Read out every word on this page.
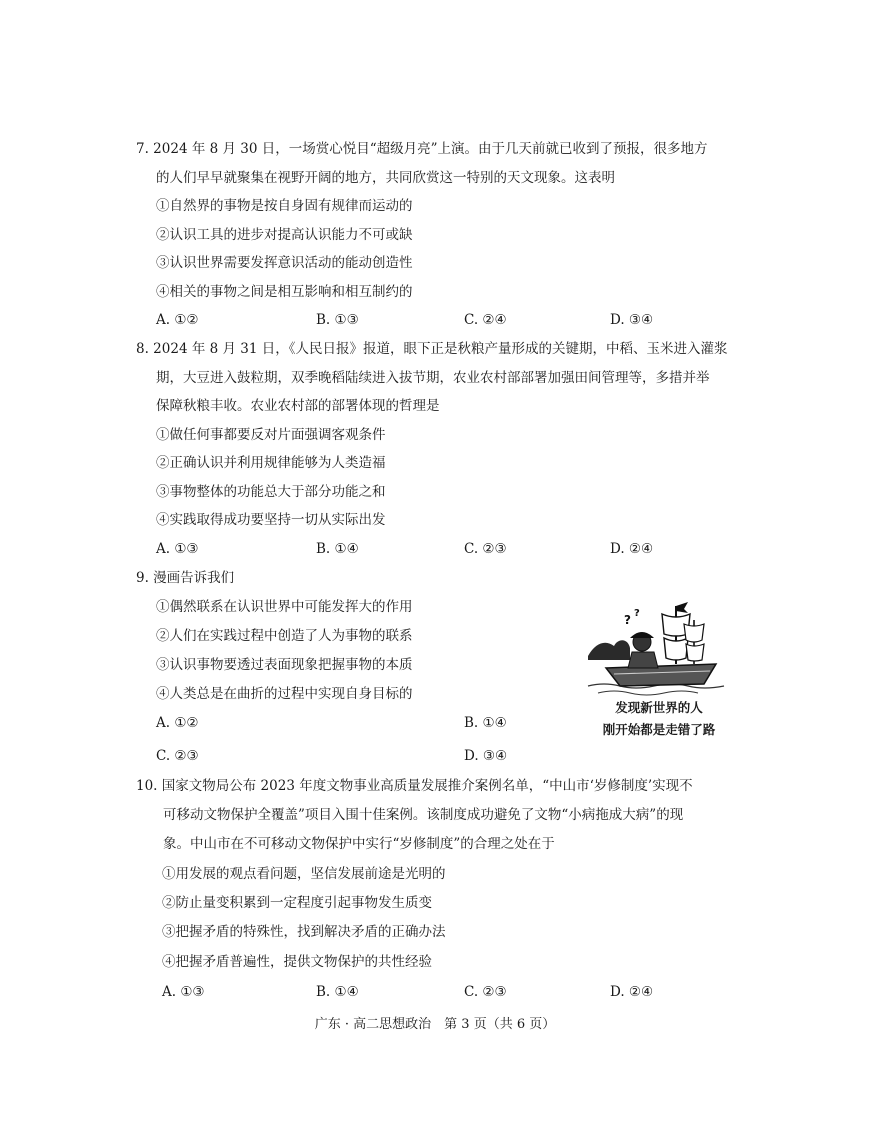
7. 2024 年 8 月 30 日，一场赏心悦目“超级月亮”上演。由于几天前就已收到了预报，很多地方
的人们早早就聚集在视野开阔的地方，共同欣赏这一特别的天文现象。这表明
①自然界的事物是按自身固有规律而运动的
②认识工具的进步对提高认识能力不可或缺
③认识世界需要发挥意识活动的能动创造性
④相关的事物之间是相互影响和相互制约的
A. ①②	B. ①③	C. ②④	D. ③④
8. 2024 年 8 月 31 日，《人民日报》报道，眼下正是秋粮产量形成的关键期，中稻、玉米进入灌浆
期，大豆进入鼓粒期，双季晚稻陆续进入拔节期，农业农村部部署加强田间管理等，多措并举
保障秋粮丰收。农业农村部的部署体现的哲理是
①做任何事都要反对片面强调客观条件
②正确认识并利用规律能够为人类造福
③事物整体的功能总大于部分功能之和
④实践取得成功要坚持一切从实际出发
A. ①③	B. ①④	C. ②③	D. ②④
9. 漫画告诉我们
①偶然联系在认识世界中可能发挥大的作用
②人们在实践过程中创造了人为事物的联系
③认识事物要透过表面现象把握事物的本质
④人类总是在曲折的过程中实现自身目标的
A. ①②	B. ①④
C. ②③	D. ③④
? ?
发现新世界的人
刚开始都是走错了路
10. 国家文物局公布 2023 年度文物事业高质量发展推介案例名单，“中山市‘岁修制度’实现不
可移动文物保护全覆盖”项目入围十佳案例。该制度成功避免了文物“小病拖成大病”的现
象。中山市在不可移动文物保护中实行“岁修制度”的合理之处在于
①用发展的观点看问题，坚信发展前途是光明的
②防止量变积累到一定程度引起事物发生质变
③把握矛盾的特殊性，找到解决矛盾的正确办法
④把握矛盾普遍性，提供文物保护的共性经验
A. ①③	B. ①④	C. ②③	D. ②④
广东 · 高二思想政治　第 3 页（共 6 页）
